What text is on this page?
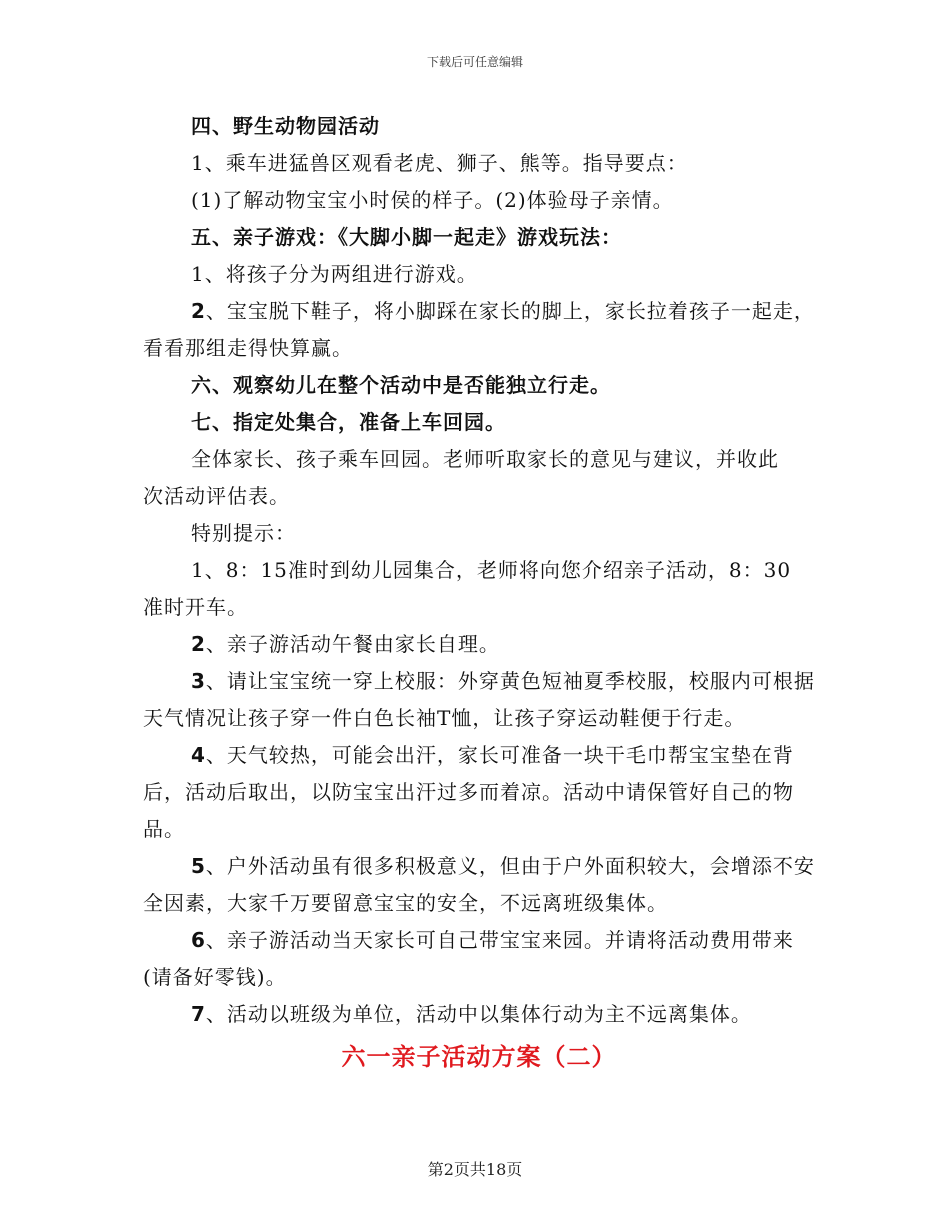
下载后可任意编辑
四、野生动物园活动
1、乘车进猛兽区观看老虎、狮子、熊等。指导要点：
(1)了解动物宝宝小时侯的样子。(2)体验母子亲情。
五、亲子游戏：《大脚小脚一起走》游戏玩法：
1、将孩子分为两组进行游戏。
2、宝宝脱下鞋子，将小脚踩在家长的脚上，家长拉着孩子一起走，看看那组走得快算赢。
六、观察幼儿在整个活动中是否能独立行走。
七、指定处集合，准备上车回园。
全体家长、孩子乘车回园。老师听取家长的意见与建议，并收此次活动评估表。
特别提示：
1、8：15准时到幼儿园集合，老师将向您介绍亲子活动，8：30准时开车。
2、亲子游活动午餐由家长自理。
3、请让宝宝统一穿上校服：外穿黄色短袖夏季校服，校服内可根据天气情况让孩子穿一件白色长袖T恤，让孩子穿运动鞋便于行走。
4、天气较热，可能会出汗，家长可准备一块干毛巾帮宝宝垫在背后，活动后取出，以防宝宝出汗过多而着凉。活动中请保管好自己的物品。
5、户外活动虽有很多积极意义，但由于户外面积较大，会增添不安全因素，大家千万要留意宝宝的安全，不远离班级集体。
6、亲子游活动当天家长可自己带宝宝来园。并请将活动费用带来(请备好零钱)。
7、活动以班级为单位，活动中以集体行动为主不远离集体。
六一亲子活动方案（二）
第2页共18页
